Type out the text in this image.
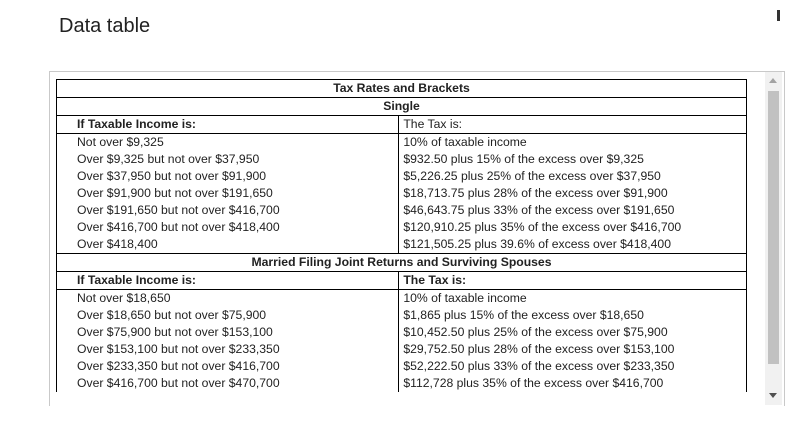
Data table
Tax Rates and Brackets	
Single	
If Taxable Income is:	The Tax is:
Not over $9,325	10% of taxable income
Over $9,325 but not over $37,950	$932.50 plus 15% of the excess over $9,325
Over $37,950 but not over $91,900	$5,226.25 plus 25% of the excess over $37,950
Over $91,900 but not over $191,650	$18,713.75 plus 28% of the excess over $91,900
Over $191,650 but not over $416,700	$46,643.75 plus 33% of the excess over $191,650
Over $416,700 but not over $418,400	$120,910.25 plus 35% of the excess over $416,700
Over $418,400	$121,505.25 plus 39.6% of excess over $418,400
Married Filing Joint Returns and Surviving Spouses	
If Taxable Income is:	The Tax is:
Not over $18,650	10% of taxable income
Over $18,650 but not over $75,900	$1,865 plus 15% of the excess over $18,650
Over $75,900 but not over $153,100	$10,452.50 plus 25% of the excess over $75,900
Over $153,100 but not over $233,350	$29,752.50 plus 28% of the excess over $153,100
Over $233,350 but not over $416,700	$52,222.50 plus 33% of the excess over $233,350
Over $416,700 but not over $470,700	$112,728 plus 35% of the excess over $416,700
